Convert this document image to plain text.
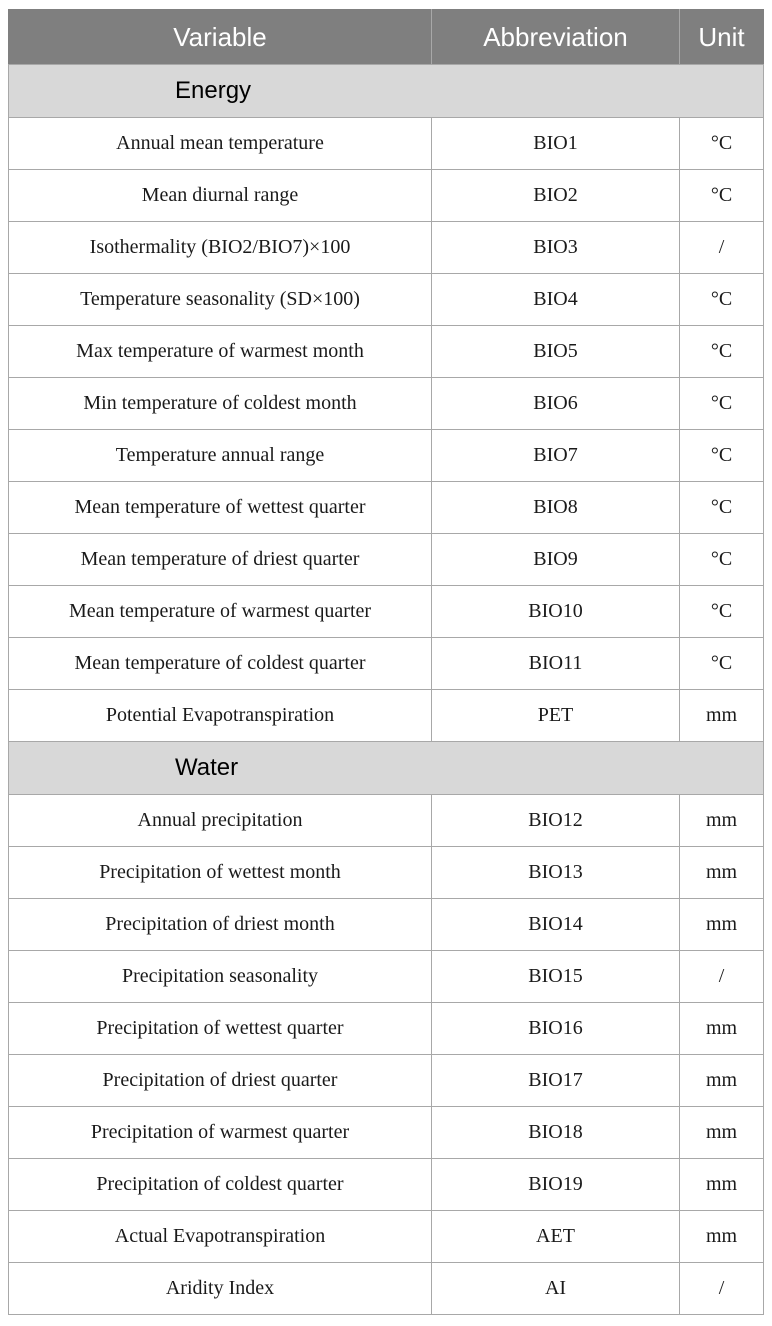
Variable	Abbreviation	Unit
Energy		
Annual mean temperature	BIO1	°C
Mean diurnal range	BIO2	°C
Isothermality (BIO2/BIO7)×100	BIO3	/
Temperature seasonality (SD×100)	BIO4	°C
Max temperature of warmest month	BIO5	°C
Min temperature of coldest month	BIO6	°C
Temperature annual range	BIO7	°C
Mean temperature of wettest quarter	BIO8	°C
Mean temperature of driest quarter	BIO9	°C
Mean temperature of warmest quarter	BIO10	°C
Mean temperature of coldest quarter	BIO11	°C
Potential Evapotranspiration	PET	mm
Water		
Annual precipitation	BIO12	mm
Precipitation of wettest month	BIO13	mm
Precipitation of driest month	BIO14	mm
Precipitation seasonality	BIO15	/
Precipitation of wettest quarter	BIO16	mm
Precipitation of driest quarter	BIO17	mm
Precipitation of warmest quarter	BIO18	mm
Precipitation of coldest quarter	BIO19	mm
Actual Evapotranspiration	AET	mm
Aridity Index	AI	/
